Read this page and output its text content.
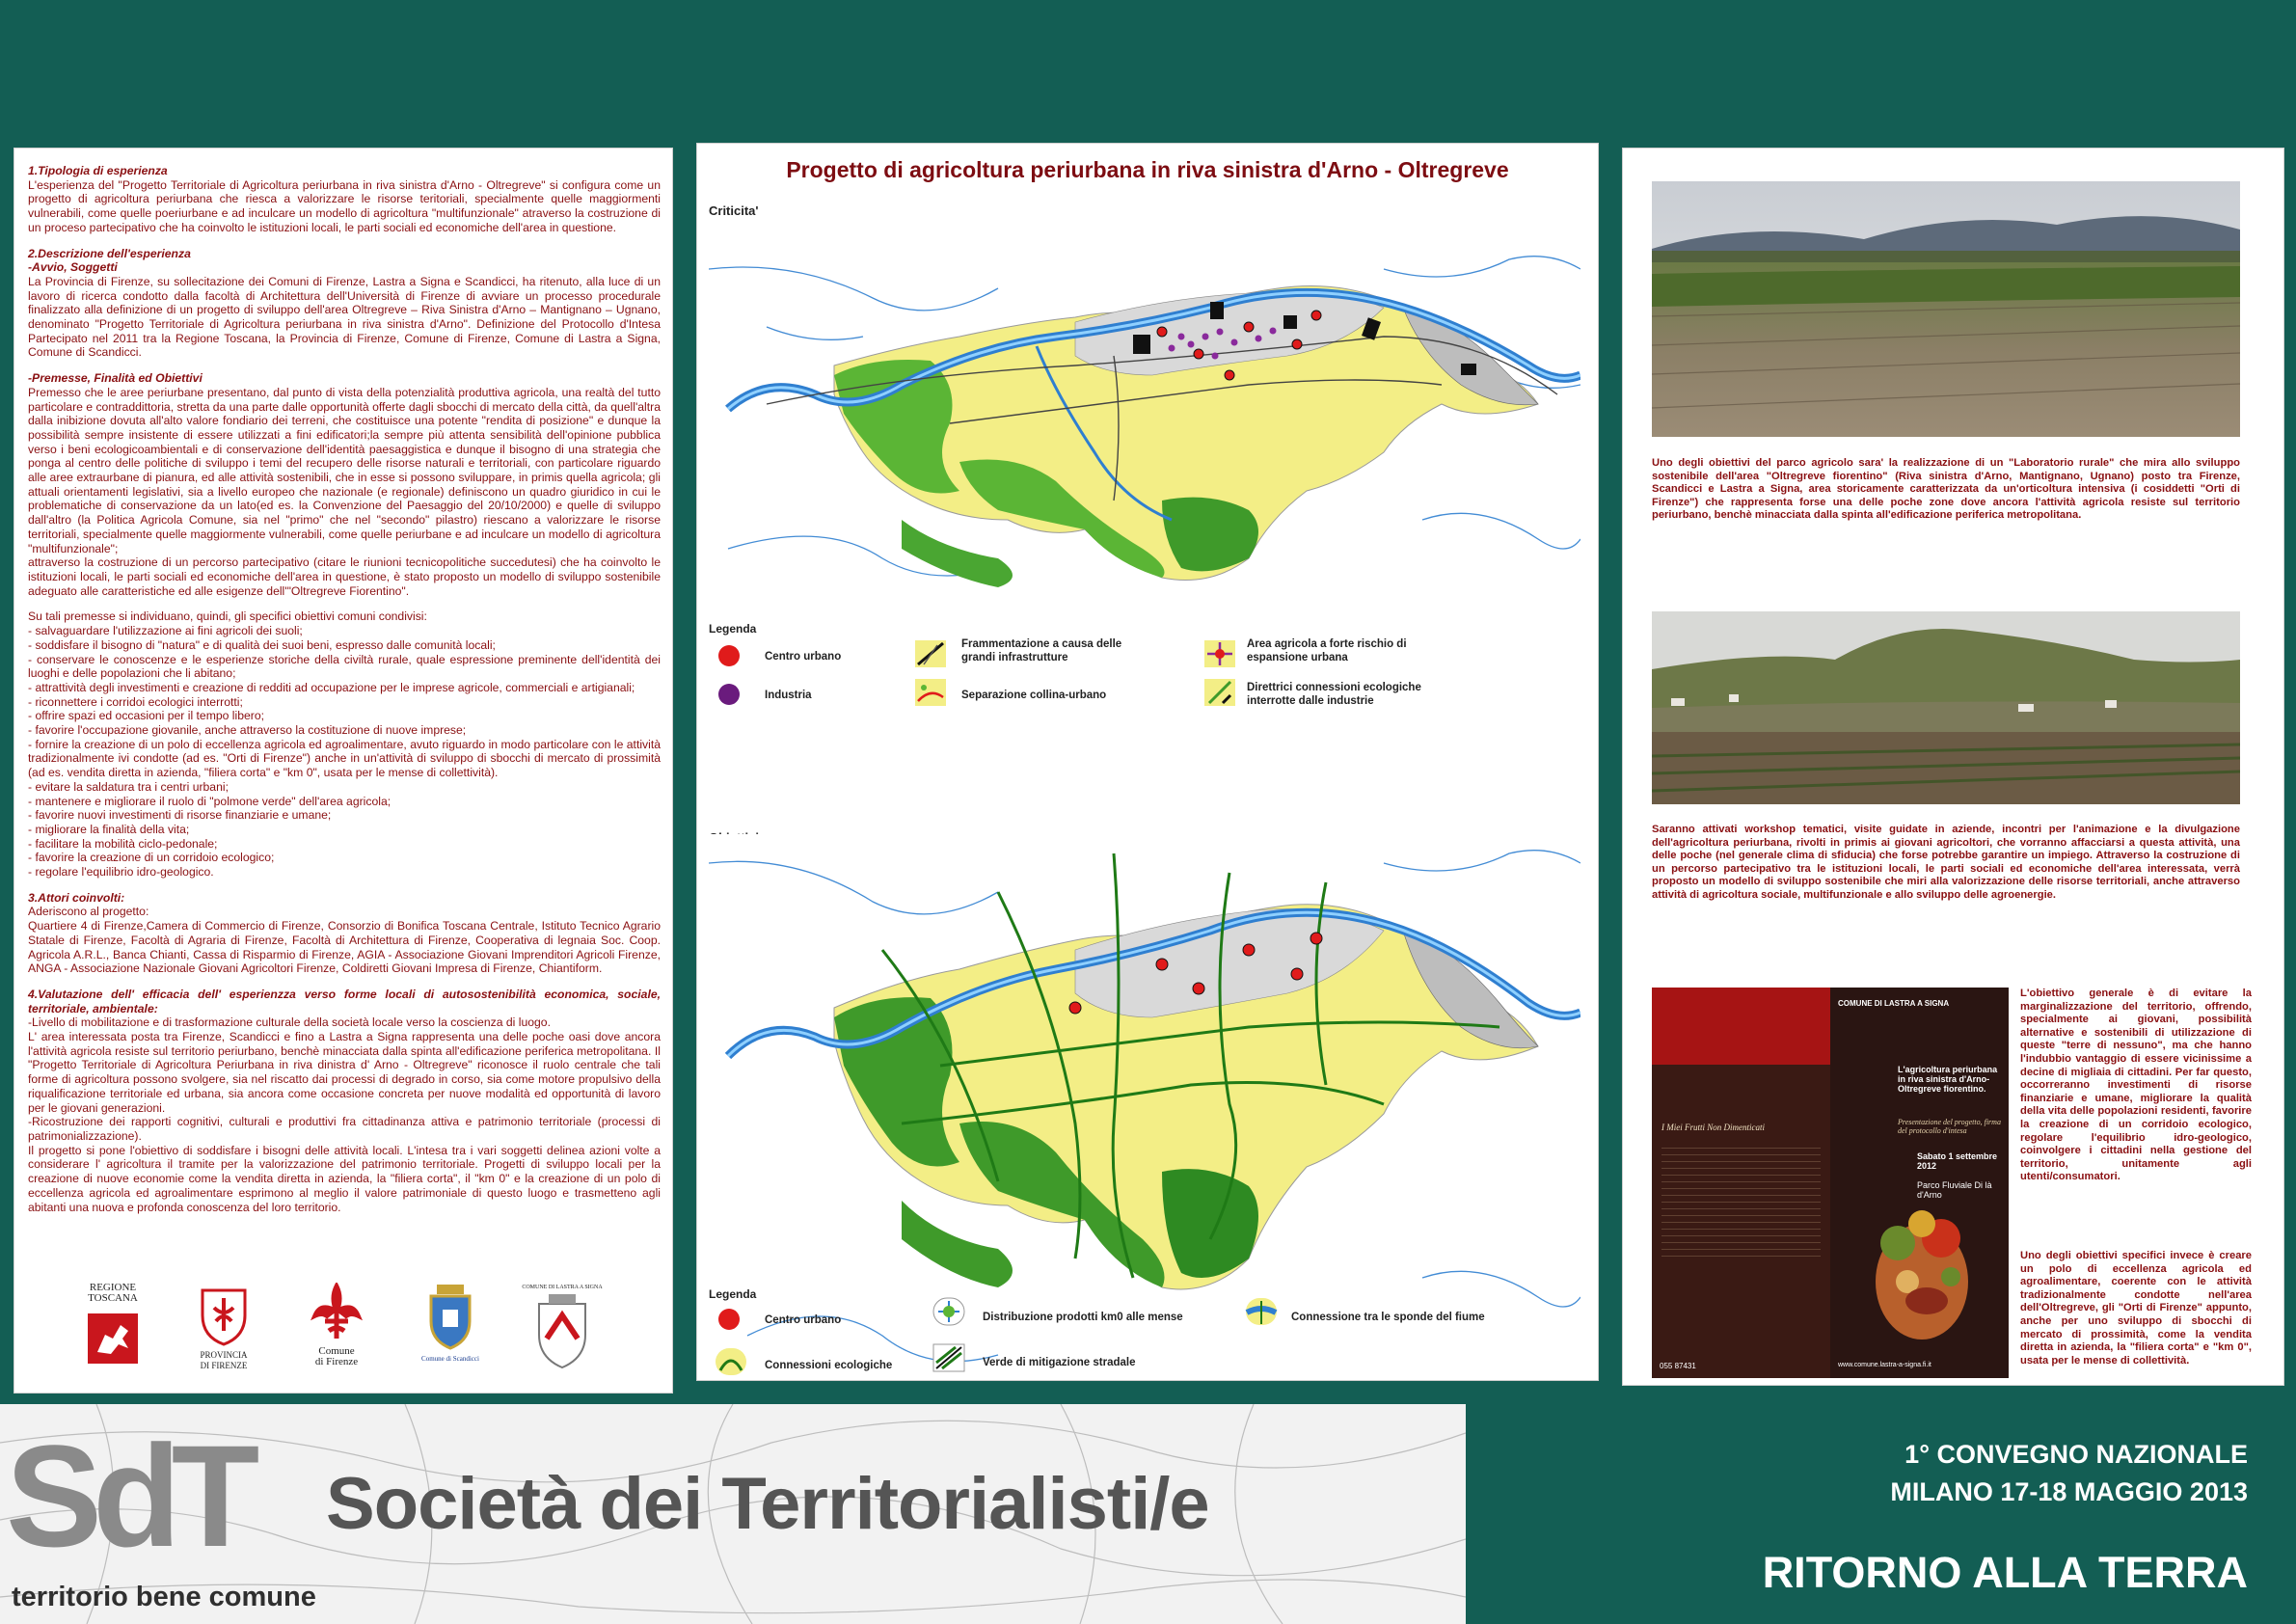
1.Tipologia di esperienza

L'esperienza del "Progetto Territoriale di Agricoltura periurbana in riva sinistra d'Arno - Oltregreve" si configura come un progetto di agricoltura periurbana che riesca a valorizzare le risorse teritoriali, specialmente quelle maggiormenti vulnerabili, come quelle poeriurbane e ad inculcare un modello di agricoltura "multifunzionale" atraverso la costruzione di un proceso partecipativo che ha coinvolto le istituzioni locali, le parti sociali ed economiche dell'area in questione.

2.Descrizione dell'esperienza
-Avvio, Soggetti

La Provincia di Firenze, su sollecitazione dei Comuni di Firenze, Lastra a Signa e Scandicci, ha ritenuto, alla luce di un lavoro di ricerca condotto dalla facoltà di Architettura dell'Università di Firenze di avviare un processo procedurale finalizzato alla definizione di un progetto di sviluppo dell'area Oltregreve – Riva Sinistra d'Arno – Mantignano – Ugnano, denominato "Progetto Territoriale di Agricoltura periurbana in riva sinistra d'Arno". Definizione del Protocollo d'Intesa Partecipato nel 2011 tra la Regione Toscana, la Provincia di Firenze, Comune di Firenze, Comune di Lastra a Signa, Comune di Scandicci.

-Premesse, Finalità ed Obiettivi

Premesso che le aree periurbane presentano, dal punto di vista della potenzialità produttiva agricola, una realtà del tutto particolare e contraddittoria, stretta da una parte dalle opportunità offerte dagli sbocchi di mercato della città, da quell'altra dalla inibizione dovuta all'alto valore fondiario dei terreni, che costituisce una potente "rendita di posizione" e dunque la possibilità sempre insistente di essere utilizzati a fini edificatori;la sempre più attenta sensibilità dell'opinione pubblica verso i beni ecologicoambientali e di conservazione dell'identità paesaggistica e dunque il bisogno di una strategia che ponga al centro delle politiche di sviluppo i temi del recupero delle risorse naturali e territoriali, con particolare riguardo alle aree extraurbane di pianura, ed alle attività sostenibili, che in esse si possono sviluppare, in primis quella agricola; gli attuali orientamenti legislativi, sia a livello europeo che nazionale (e regionale) definiscono un quadro giuridico in cui le problematiche di conservazione da un lato(ed es. la Convenzione del Paesaggio del 20/10/2000) e quelle di sviluppo dall'altro (la Politica Agricola Comune, sia nel "primo" che nel "secondo" pilastro) riescano a valorizzare le risorse territoriali, specialmente quelle maggiormente vulnerabili, come quelle periurbane e ad inculcare un modello di agricoltura "multifunzionale";

attraverso la costruzione di un percorso partecipativo (citare le riunioni tecnicopolitiche succedutesi) che ha coinvolto le istituzioni locali, le parti sociali ed economiche dell'area in questione, è stato proposto un modello di sviluppo sostenibile adeguato alle caratteristiche ed alle esigenze dell'"Oltregreve Fiorentino".

Su tali premesse si individuano, quindi, gli specifici obiettivi comuni condivisi:

- salvaguardare l'utilizzazione ai fini agricoli dei suoli;
- soddisfare il bisogno di "natura" e di qualità dei suoi beni, espresso dalle comunità locali;
- conservare le conoscenze e le esperienze storiche della civiltà rurale, quale espressione preminente dell'identità dei luoghi e delle popolazioni che li abitano;
- attrattività degli investimenti e creazione di redditi ad occupazione per le imprese agricole, commerciali e artigianali;
- riconnettere i corridoi ecologici interrotti;
- offrire spazi ed occasioni per il tempo libero;
- favorire l'occupazione giovanile, anche attraverso la costituzione di nuove imprese;
- fornire la creazione di un polo di eccellenza agricola ed agroalimentare, avuto riguardo in modo particolare con le attività tradizionalmente ivi condotte (ad es. "Orti di Firenze") anche in un'attività di sviluppo di sbocchi di mercato di prossimità (ad es. vendita diretta in azienda, "filiera corta" e "km 0", usata per le mense di collettività).
- evitare la saldatura tra i centri urbani;
- mantenere e migliorare il ruolo di "polmone verde" dell'area agricola;
- favorire nuovi investimenti di risorse finanziarie e umane;
- migliorare la finalità della vita;
- facilitare la mobilità ciclo-pedonale;
- favorire la creazione di un corridoio ecologico;
- regolare l'equilibrio idro-geologico.
3.Attori coinvolti:

Aderiscono al progetto:

Quartiere 4 di Firenze,Camera di Commercio di Firenze, Consorzio di Bonifica Toscana Centrale, Istituto Tecnico Agrario Statale di Firenze, Facoltà di Agraria di Firenze, Facoltà di Architettura di Firenze, Cooperativa di legnaia Soc. Coop. Agricola A.R.L., Banca Chianti, Cassa di Risparmio di Firenze, AGIA - Associazione Giovani Imprenditori Agricoli Firenze, ANGA - Associazione Nazionale Giovani Agricoltori Firenze, Coldiretti Giovani Impresa di Firenze, Chiantiform.

4.Valutazione dell' efficacia dell' esperienzza verso forme locali di autosostenibilità economica, sociale, territoriale, ambientale:

-Livello di mobilitazione e di trasformazione culturale della società locale verso la coscienza di luogo.

L' area interessata posta tra Firenze, Scandicci e fino a Lastra a Signa rappresenta una delle poche oasi dove ancora l'attività agricola resiste sul territorio periurbano, benchè minacciata dalla spinta all'edificazione periferica metropolitana. Il "Progetto Territoriale di Agricoltura Periurbana in riva dinistra d' Arno - Oltregreve" riconosce il ruolo centrale che tali forme di agricoltura possono svolgere, sia nel riscatto dai processi di degrado in corso, sia come motore propulsivo della riqualificazione territoriale ed urbana, sia ancora come occasione concreta per nuove modalità ed opportunità di lavoro per le giovani generazioni.

-Ricostruzione dei rapporti cognitivi, culturali e produttivi fra cittadinanza attiva e patrimonio territoriale (processi di patrimonializzazione).

Il progetto si pone l'obiettivo di soddisfare i bisogni delle attività locali. L'intesa tra i vari soggetti delinea azioni volte a considerare l' agricoltura il tramite per la valorizzazione del patrimonio territoriale. Progetti di sviluppo locali per la creazione di nuove economie come la vendita diretta in azienda, la "filiera corta", il "km 0" e la creazione di un polo di eccellenza agricola ed agroalimentare esprimono al meglio il valore patrimoniale di questo luogo e trasmetteno agli abitanti una nuova e profonda conoscenza del loro territorio.

REGIONE
TOSCANA
PROVINCIA
DI FIRENZE
Comune
di Firenze	Comune di Scandicci
COMUNE DI LASTRA A SIGNA
Progetto di agricoltura periurbana in riva sinistra d'Arno - Oltregreve
Criticita'
Legenda
Centro urbano
Industria
Frammentazione a causa delle grandi infrastrutture
Separazione collina-urbano
Area agricola a forte rischio di espansione urbana
Direttrici connessioni ecologiche interrotte dalle industrie
Legenda
Centro urbano
Connessioni ecologiche
Distribuzione prodotti km0 alle mense
Verde di mitigazione stradale
Connessione tra le sponde del fiume
Uno degli obiettivi del parco agricolo sara' la realizzazione di un "Laboratorio rurale" che mira allo sviluppo sostenibile dell'area "Oltregreve fiorentino" (Riva sinistra d'Arno, Mantignano, Ugnano) posto tra Firenze, Scandicci e Lastra a Signa, area storicamente caratterizzata da un'orticoltura intensiva (i cosiddetti "Orti di Firenze") che rappresenta forse una delle poche zone dove ancora l'attività agricola resiste sul territorio periurbano, benchè minacciata dalla spinta all'edificazione periferica metropolitana.
Saranno attivati workshop tematici, visite guidate in aziende, incontri per l'animazione e la divulgazione dell'agricoltura periurbana, rivolti in primis ai giovani agricoltori, che vorranno affacciarsi a questa attività, una delle poche (nel generale clima di sfiducia) che forse potrebbe garantire un impiego. Attraverso la costruzione di un percorso partecipativo tra le istituzioni locali, le parti sociali ed economiche dell'area interessata, verrà proposto un modello di sviluppo sostenibile che miri alla valorizzazione delle risorse territoriali, anche attraverso attività di agricoltura sociale, multifunzionale e allo sviluppo delle agroenergie.
I Miei Frutti Non Dimenticati
055 87431
COMUNE DI LASTRA A SIGNA
L'agricoltura periurbana in riva sinistra d'Arno-Oltregreve fiorentino.
Presentazione del progetto, firma del protocollo d'intesa
Sabato 1 settembre 2012
Parco Fluviale Di là d'Arno
www.comune.lastra-a-signa.fi.it
L'obiettivo generale è di evitare la marginalizzazione del territorio, offrendo, specialmente ai giovani, possibilità alternative e sostenibili di utilizzazione di queste "terre di nessuno", ma che hanno l'indubbio vantaggio di essere vicinissime a decine di migliaia di cittadini. Per far questo, occorreranno investimenti di risorse finanziarie e umane, migliorare la qualità della vita delle popolazioni residenti, favorire la creazione di un corridoio ecologico, regolare l'equilibrio idro-geologico, coinvolgere i cittadini nella gestione del territorio, unitamente agli utenti/consumatori.
Uno degli obiettivi specifici invece è creare un polo di eccellenza agricola ed agroalimentare, coerente con le attività tradizionalmente condotte nell'area dell'Oltregreve, gli "Orti di Firenze" appunto, anche per uno sviluppo di sbocchi di mercato di prossimità, come la vendita diretta in azienda, la "filiera corta" e "km 0", usata per le mense di collettività.
SdT Società dei Territorialisti/e
territorio bene comune
1° CONVEGNO NAZIONALE
MILANO 17-18 MAGGIO 2013
RITORNO ALLA TERRA
